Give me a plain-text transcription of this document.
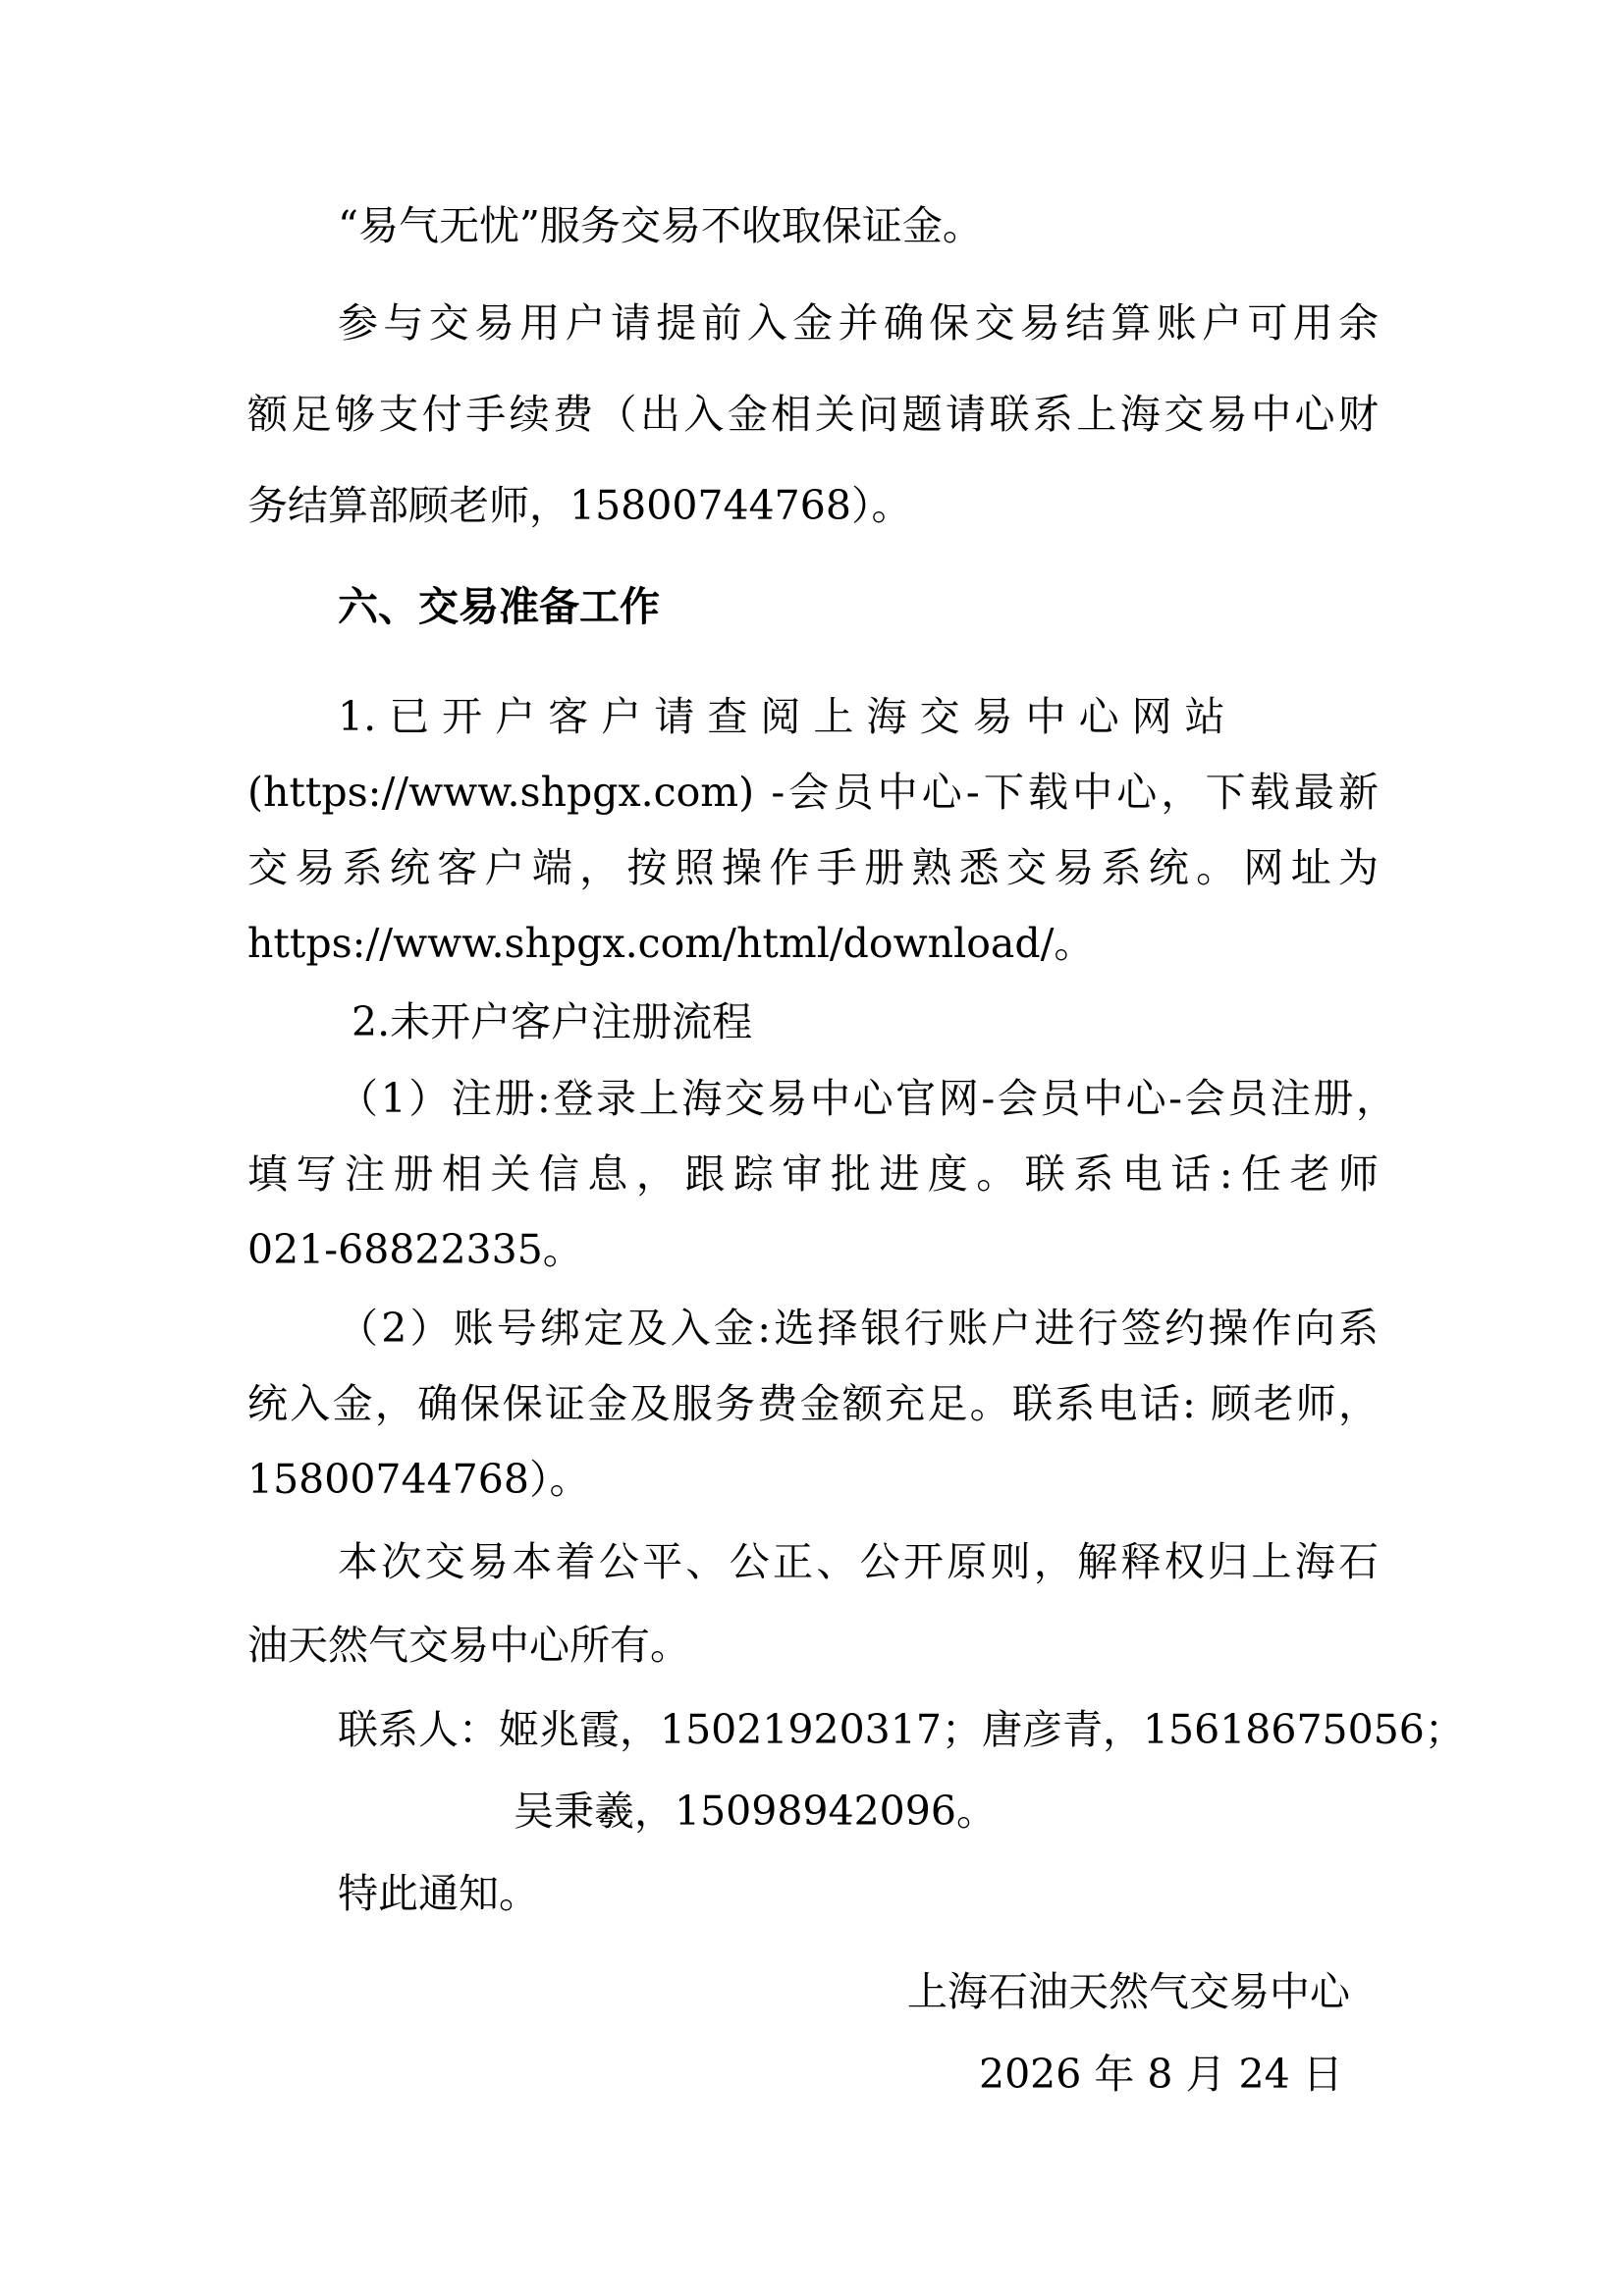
“易气无忧”服务交易不收取保证金。

参与交易用户请提前入金并确保交易结算账户可用余

额足够支付手续费（出入金相关问题请联系上海交易中心财

务结算部顾老师，15800744768）。

六、交易准备工作

1. 已 开 户 客 户 请 查 阅 上 海 交 易 中 心 网 站

(https://www.shpgx.com) -会员中心-下载中心，下载最新

交易系统客户端，按照操作手册熟悉交易系统。网址为

https://www.shpgx.com/html/download/。

2.未开户客户注册流程

（1）注册:登录上海交易中心官网-会员中心-会员注册，

填写注册相关信息，跟踪审批进度。联系电话:任老师

021-68822335。

（2）账号绑定及入金:选择银行账户进行签约操作向系

统入金，确保保证金及服务费金额充足。联系电话: 顾老师，

15800744768）。

本次交易本着公平、公正、公开原则，解释权归上海石

油天然气交易中心所有。

联系人：姬兆霞，15021920317；唐彦青，15618675056；

吴秉羲，15098942096。

特此通知。

上海石油天然气交易中心

2026 年 8 月 24 日
